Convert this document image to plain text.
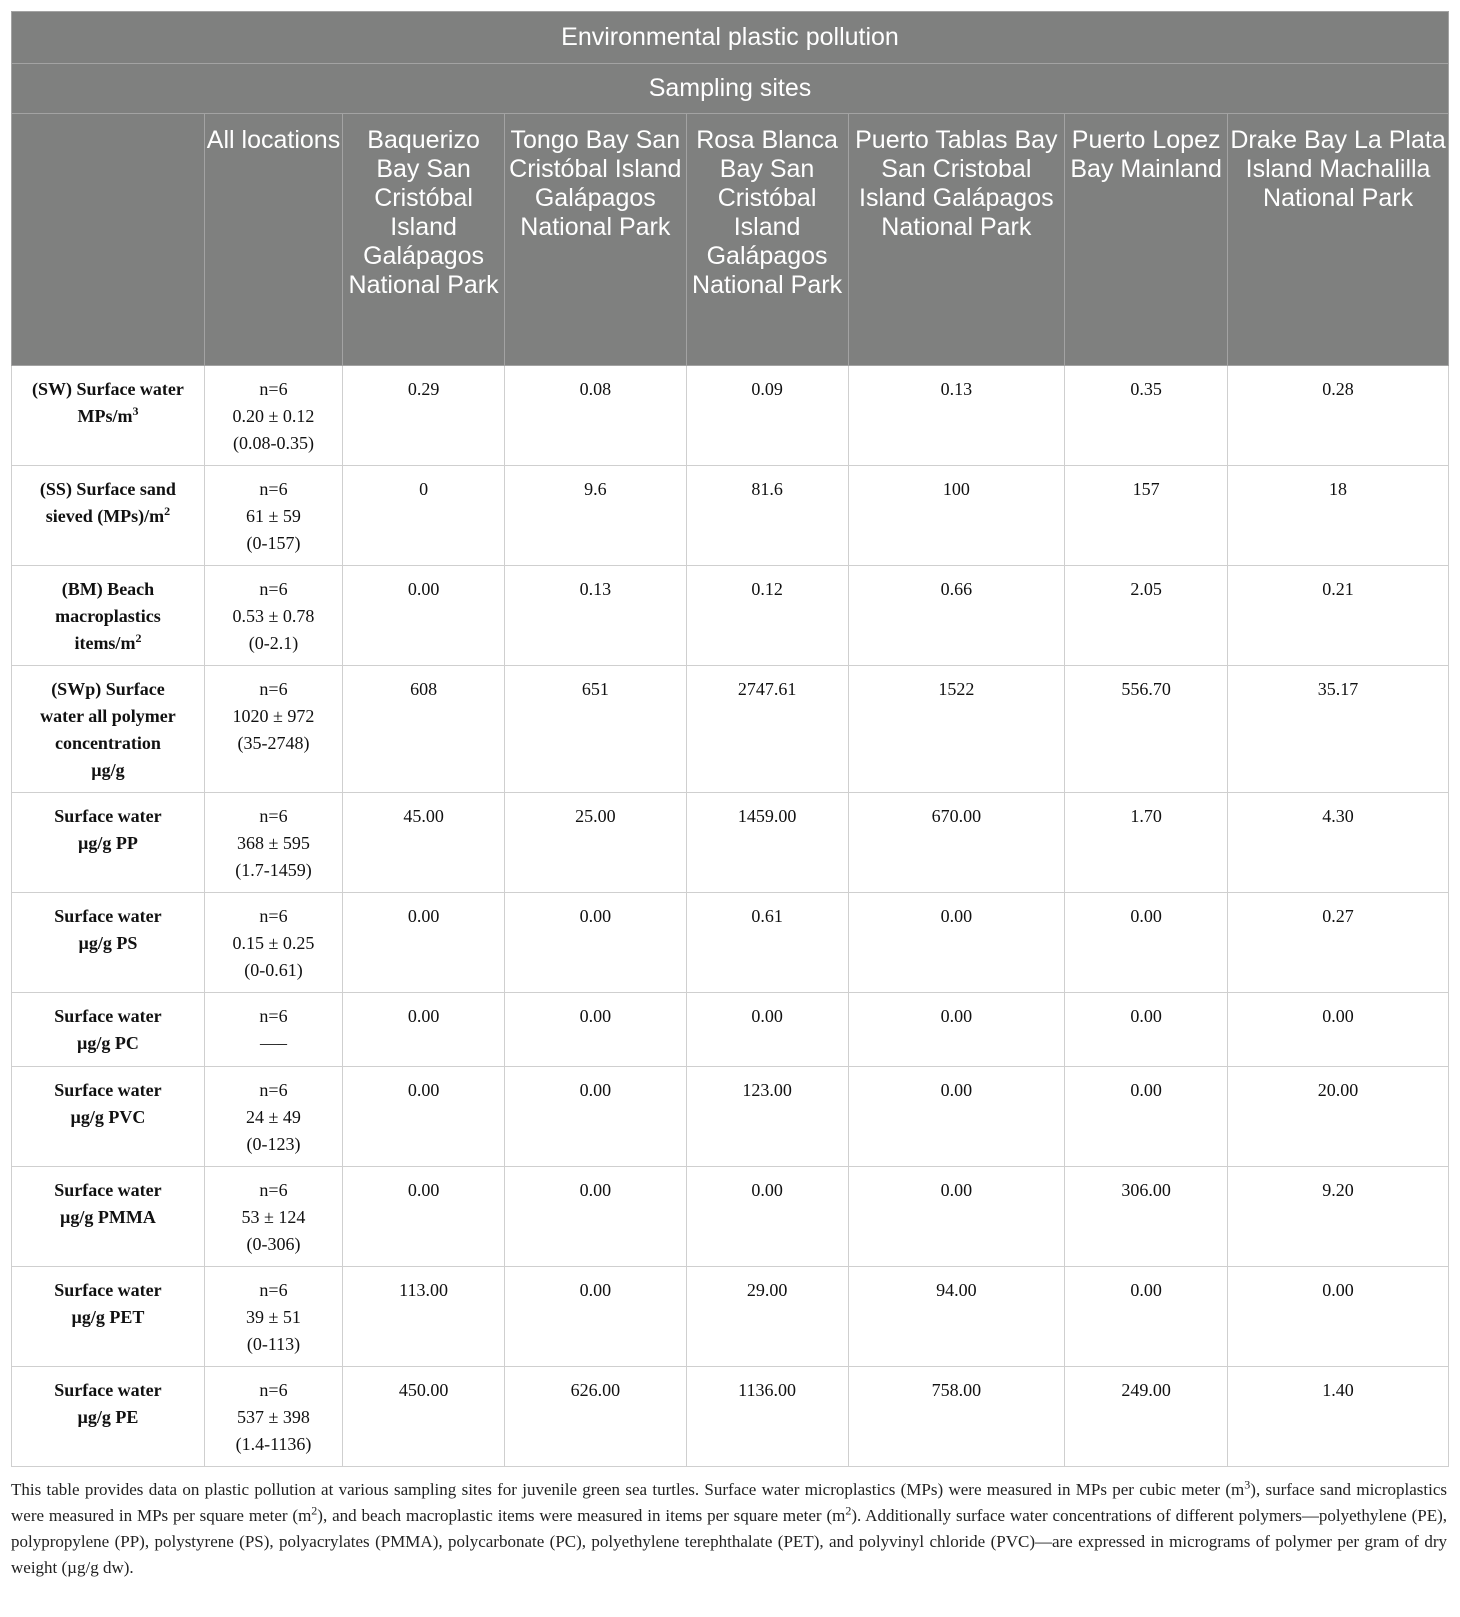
Environmental plastic pollution							
Sampling sites							
	All locations	Baquerizo Bay San Cristóbal Island Galápagos National Park	Tongo Bay San Cristóbal Island Galápagos National Park	Rosa Blanca Bay San Cristóbal Island Galápagos National Park	Puerto Tablas Bay San Cristobal Island Galápagos National Park	Puerto Lopez Bay Mainland	Drake Bay La Plata Island Machalilla National Park

(SW) Surface water
MPs/$m^3$	n=6
0.20 ± 0.12
(0.08-0.35)	0.29	0.08	0.09	0.13	0.35	0.28

(SS) Surface sand
sieved $(MPs)/m^2$	n=6
61 ± 59
(0-157)	0	9.6	81.6	100	157	18

(BM) Beach
macroplastics
items/$m^2$	n=6
0.53 ± 0.78
(0-2.1)	0.00	0.13	0.12	0.66	2.05	0.21

(SWp) Surface
water all polymer
concentration
µg/g	n=6
1020 ± 972
(35-2748)	608	651	2747.61	1522	556.70	35.17

Surface water
µg/g PP	n=6
368 ± 595
(1.7-1459)	45.00	25.00	1459.00	670.00	1.70	4.30

Surface water
µg/g PS	n=6
0.15 ± 0.25
(0-0.61)	0.00	0.00	0.61	0.00	0.00	0.27

Surface water
µg/g PC	n=6
—–	0.00	0.00	0.00	0.00	0.00	0.00

Surface water
µg/g PVC	n=6
24 ± 49
(0-123)	0.00	0.00	123.00	0.00	0.00	20.00

Surface water
µg/g PMMA	n=6
53 ± 124
(0-306)	0.00	0.00	0.00	0.00	306.00	9.20

Surface water
µg/g PET	n=6
39 ± 51
(0-113)	113.00	0.00	29.00	94.00	0.00	0.00

Surface water
µg/g PE	n=6
537 ± 398
(1.4-1136)	450.00	626.00	1136.00	758.00	249.00	1.40

This table provides data on plastic pollution at various sampling sites for juvenile green sea turtles. Surface water microplastics (MPs) were measured in MPs per cubic meter $(m^3)$, surface sand microplastics were measured in MPs per square meter $(m^2)$, and beach macroplastic items were measured in items per square meter $(m^2)$. Additionally surface water concentrations of different polymers—polyethylene (PE), polypropylene (PP), polystyrene (PS), polyacrylates (PMMA), polycarbonate (PC), polyethylene terephthalate (PET), and polyvinyl chloride (PVC)—are expressed in micrograms of polymer per gram of dry weight (µg/g dw).
